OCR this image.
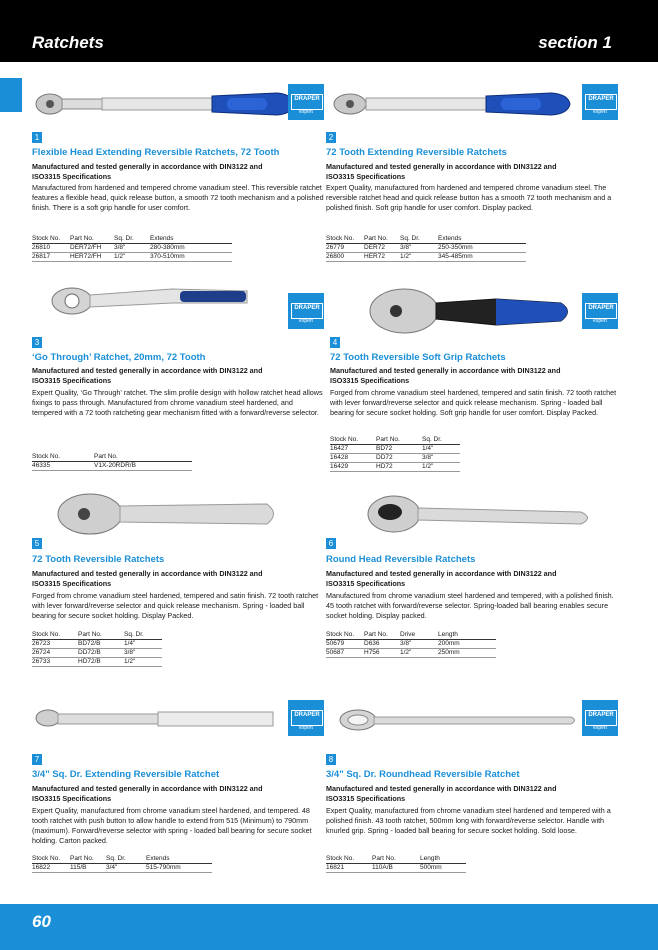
Ratchets	section 1
DRAPER
expert
1
Flexible Head Extending Reversible Ratchets, 72 Tooth
Manufactured and tested generally in accordance with DIN3122 and
ISO3315 Specifications
Manufactured from hardened and tempered chrome vanadium steel. This reversible ratchet features a flexible head, quick release button, a smooth 72 tooth mechanism and a polished finish. There is a soft grip handle for user comfort.
Stock No.	Part No.	Sq. Dr.	Extends
26810	DER72/FH	3/8"	280-380mm
26817	HER72/FH	1/2"	370-510mm
DRAPER
expert
2
72 Tooth Extending Reversible Ratchets
Manufactured and tested generally in accordance with DIN3122 and
ISO3315 Specifications
Expert Quality, manufactured from hardened and tempered chrome vanadium steel. The reversible ratchet head and quick release button has a smooth 72 tooth mechanism and a polished finish. Soft grip handle for user comfort. Display packed.
Stock No.	Part No.	Sq. Dr.	Extends
26779	DER72	3/8"	250-350mm
26800	HER72	1/2"	345-485mm
DRAPER
expert
3
‘Go Through’ Ratchet, 20mm, 72 Tooth
Manufactured and tested generally in accordance with DIN3122 and
ISO3315 Specifications
Expert Quality, ‘Go Through’ ratchet. The slim profile design with hollow ratchet head allows fixings to pass through. Manufactured from chrome vanadium steel hardened, and tempered with a 72 tooth ratcheting gear mechanism fitted with a forward/reverse selector.
Stock No.	Part No.
46335	V1X-20RDR/B
DRAPER
expert
4
72 Tooth Reversible Soft Grip Ratchets
Manufactured and tested generally in accordance with DIN3122 and
ISO3315 Specifications
Forged from chrome vanadium steel hardened, tempered and satin finish. 72 tooth ratchet with lever forward/reverse selector and quick release mechanism. Spring - loaded ball bearing for secure socket holding. Soft grip handle for user comfort. Display Packed.
Stock No.	Part No.	Sq. Dr.
16427	BD72	1/4"
16428	DD72	3/8"
16429	HD72	1/2"
5
72 Tooth Reversible Ratchets
Manufactured and tested generally in accordance with DIN3122 and
ISO3315 Specifications
Forged from chrome vanadium steel hardened, tempered and satin finish. 72 tooth ratchet with lever forward/reverse selector and quick release mechanism. Spring - loaded ball bearing for secure socket holding. Display Packed.
Stock No.	Part No.	Sq. Dr.
26723	BD72/B	1/4"
26724	DD72/B	3/8"
26733	HD72/B	1/2"
6
Round Head Reversible Ratchets
Manufactured and tested generally in accordance with DIN3122 and
ISO3315 Specifications
Manufactured from chrome vanadium steel hardened and tempered, with a polished finish. 45 tooth ratchet with forward/reverse selector. Spring-loaded ball bearing enables secure socket holding. Display packed.
Stock No.	Part No.	Drive	Length
50679	D636	3/8"	200mm
50687	H756	1/2"	250mm
DRAPER
expert
7
3/4" Sq. Dr. Extending Reversible Ratchet
Manufactured and tested generally in accordance with DIN3122 and
ISO3315 Specifications
Expert Quality, manufactured from chrome vanadium steel hardened, and tempered. 48 tooth ratchet with push button to allow handle to extend from 515 (Minimum) to 790mm (maximum). Forward/reverse selector with spring - loaded ball bearing for secure socket holding. Carton packed.
Stock No.	Part No.	Sq. Dr.	Extends
16822	115/B	3/4"	515-790mm
DRAPER
expert
8
3/4" Sq. Dr. Roundhead Reversible Ratchet
Manufactured and tested generally in accordance with DIN3122 and
ISO3315 Specifications
Expert Quality, manufactured from chrome vanadium steel hardened and tempered with a polished finish. 43 tooth ratchet, 500mm long with forward/reverse selector. Handle with knurled grip. Spring - loaded ball bearing for secure socket holding. Sold loose.
Stock No.	Part No.	Length
16821	110A/B	500mm
60
